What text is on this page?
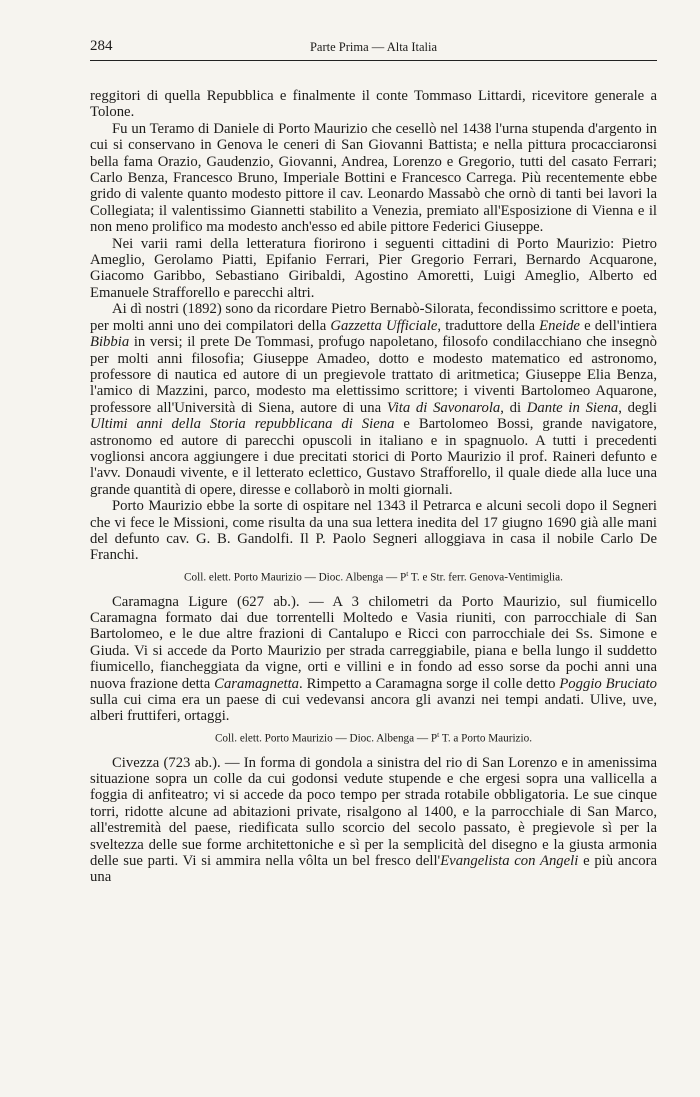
284	Parte Prima — Alta Italia

reggitori di quella Repubblica e finalmente il conte Tommaso Littardi, ricevitore generale a Tolone.

Fu un Teramo di Daniele di Porto Maurizio che cesellò nel 1438 l'urna stupenda d'argento in cui si conservano in Genova le ceneri di San Giovanni Battista; e nella pittura procacciaronsi bella fama Orazio, Gaudenzio, Giovanni, Andrea, Lorenzo e Gregorio, tutti del casato Ferrari; Carlo Benza, Francesco Bruno, Imperiale Bottini e Francesco Carrega. Più recentemente ebbe grido di valente quanto modesto pittore il cav. Leonardo Massabò che ornò di tanti bei lavori la Collegiata; il valentissimo Giannetti stabilito a Venezia, premiato all'Esposizione di Vienna e il non meno prolifico ma modesto anch'esso ed abile pittore Federici Giuseppe.

Nei varii rami della letteratura fiorirono i seguenti cittadini di Porto Maurizio: Pietro Ameglio, Gerolamo Piatti, Epifanio Ferrari, Pier Gregorio Ferrari, Bernardo Acquarone, Giacomo Garibbo, Sebastiano Giribaldi, Agostino Amoretti, Luigi Ameglio, Alberto ed Emanuele Strafforello e parecchi altri.

Ai dì nostri (1892) sono da ricordare Pietro Bernabò-Silorata, fecondissimo scrittore e poeta, per molti anni uno dei compilatori della Gazzetta Ufficiale, traduttore della Eneide e dell'intiera Bibbia in versi; il prete De Tommasi, profugo napoletano, filosofo condilacchiano che insegnò per molti anni filosofia; Giuseppe Amadeo, dotto e modesto matematico ed astronomo, professore di nautica ed autore di un pregievole trattato di aritmetica; Giuseppe Elia Benza, l'amico di Mazzini, parco, modesto ma elettissimo scrittore; i viventi Bartolomeo Aquarone, professore all'Università di Siena, autore di una Vita di Savonarola, di Dante in Siena, degli Ultimi anni della Storia repubblicana di Siena e Bartolomeo Bossi, grande navigatore, astronomo ed autore di parecchi opuscoli in italiano e in spagnuolo. A tutti i precedenti voglionsi ancora aggiungere i due precitati storici di Porto Maurizio il prof. Raineri defunto e l'avv. Donaudi vivente, e il letterato eclettico, Gustavo Strafforello, il quale diede alla luce una grande quantità di opere, diresse e collaborò in molti giornali.

Porto Maurizio ebbe la sorte di ospitare nel 1343 il Petrarca e alcuni secoli dopo il Segneri che vi fece le Missioni, come risulta da una sua lettera inedita del 17 giugno 1690 già alle mani del defunto cav. G. B. Gandolfi. Il P. Paolo Segneri alloggiava in casa il nobile Carlo De Franchi.

Coll. elett. Porto Maurizio — Dioc. Albenga — $P^t$ T. e Str. ferr. Genova-Ventimiglia.

Caramagna Ligure (627 ab.). — A 3 chilometri da Porto Maurizio, sul fiumicello Caramagna formato dai due torrentelli Moltedo e Vasia riuniti, con parrocchiale di San Bartolomeo, e le due altre frazioni di Cantalupo e Ricci con parrocchiale dei Ss. Simone e Giuda. Vi si accede da Porto Maurizio per strada carreggiabile, piana e bella lungo il suddetto fiumicello, fiancheggiata da vigne, orti e villini e in fondo ad esso sorse da pochi anni una nuova frazione detta Caramagnetta. Rimpetto a Caramagna sorge il colle detto Poggio Bruciato sulla cui cima era un paese di cui vedevansi ancora gli avanzi nei tempi andati. Ulive, uve, alberi fruttiferi, ortaggi.

Coll. elett. Porto Maurizio — Dioc. Albenga — $P^t$ T. a Porto Maurizio.

Civezza (723 ab.). — In forma di gondola a sinistra del rio di San Lorenzo e in amenissima situazione sopra un colle da cui godonsi vedute stupende e che ergesi sopra una vallicella a foggia di anfiteatro; vi si accede da poco tempo per strada rotabile obbligatoria. Le sue cinque torri, ridotte alcune ad abitazioni private, risalgono al 1400, e la parrocchiale di San Marco, all'estremità del paese, riedificata sullo scorcio del secolo passato, è pregievole sì per la sveltezza delle sue forme architettoniche e sì per la semplicità del disegno e la giusta armonia delle sue parti. Vi si ammira nella vôlta un bel fresco dell'Evangelista con Angeli e più ancora una
